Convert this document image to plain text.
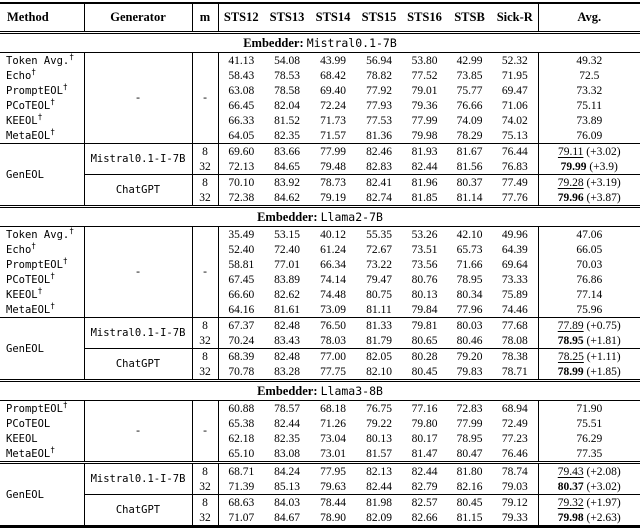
Method	Generator	m	STS12	STS13	STS14	STS15	STS16	STSB	Sick-R	Avg.
Embedder: Mistral0.1-7B										
Token Avg.†	-	-	41.13	54.08	43.99	56.94	53.80	42.99	52.32	49.32
Echo†			58.43	78.53	68.42	78.82	77.52	73.85	71.95	72.5
PromptEOL†			63.08	78.58	69.40	77.92	79.01	75.77	69.47	73.32
PCoTEOL†			66.45	82.04	72.24	77.93	79.36	76.66	71.06	75.11
KEEOL†			66.33	81.52	71.73	77.53	77.99	74.09	74.02	73.89
MetaEOL†			64.05	82.35	71.57	81.36	79.98	78.29	75.13	76.09
GenEOL	Mistral0.1-I-7B	8	69.60	83.66	77.99	82.46	81.93	81.67	76.44	79.11 (+3.02)
		32	72.13	84.65	79.48	82.83	82.44	81.56	76.83	79.99 (+3.9)
	ChatGPT	8	70.10	83.92	78.73	82.41	81.96	80.37	77.49	79.28 (+3.19)
		32	72.38	84.62	79.19	82.74	81.85	81.14	77.76	79.96 (+3.87)
Embedder: Llama2-7B										
Token Avg.†	-	-	35.49	53.15	40.12	55.35	53.26	42.10	49.96	47.06
Echo†			52.40	72.40	61.24	72.67	73.51	65.73	64.39	66.05
PromptEOL†			58.81	77.01	66.34	73.22	73.56	71.66	69.64	70.03
PCoTEOL†			67.45	83.89	74.14	79.47	80.76	78.95	73.33	76.86
KEEOL†			66.60	82.62	74.48	80.75	80.13	80.34	75.89	77.14
MetaEOL†			64.16	81.61	73.09	81.11	79.84	77.96	74.46	75.96
GenEOL	Mistral0.1-I-7B	8	67.37	82.48	76.50	81.33	79.81	80.03	77.68	77.89 (+0.75)
		32	70.24	83.43	78.03	81.79	80.65	80.46	78.08	78.95 (+1.81)
	ChatGPT	8	68.39	82.48	77.00	82.05	80.28	79.20	78.38	78.25 (+1.11)
		32	70.78	83.28	77.75	82.10	80.45	79.83	78.71	78.99 (+1.85)
Embedder: Llama3-8B										
PromptEOL†	-	-	60.88	78.57	68.18	76.75	77.16	72.83	68.94	71.90
PCoTEOL			65.38	82.44	71.26	79.22	79.80	77.99	72.49	75.51
KEEOL			62.18	82.35	73.04	80.13	80.17	78.95	77.23	76.29
MetaEOL†			65.10	83.08	73.01	81.57	81.47	80.47	76.46	77.35
GenEOL	Mistral0.1-I-7B	8	68.71	84.24	77.95	82.13	82.44	81.80	78.74	79.43 (+2.08)
		32	71.39	85.13	79.63	82.44	82.79	82.16	79.03	80.37 (+3.02)
	ChatGPT	8	68.63	84.03	78.44	81.98	82.57	80.45	79.12	79.32 (+1.97)
		32	71.07	84.67	78.90	82.09	82.66	81.15	79.33	79.98 (+2.63)
